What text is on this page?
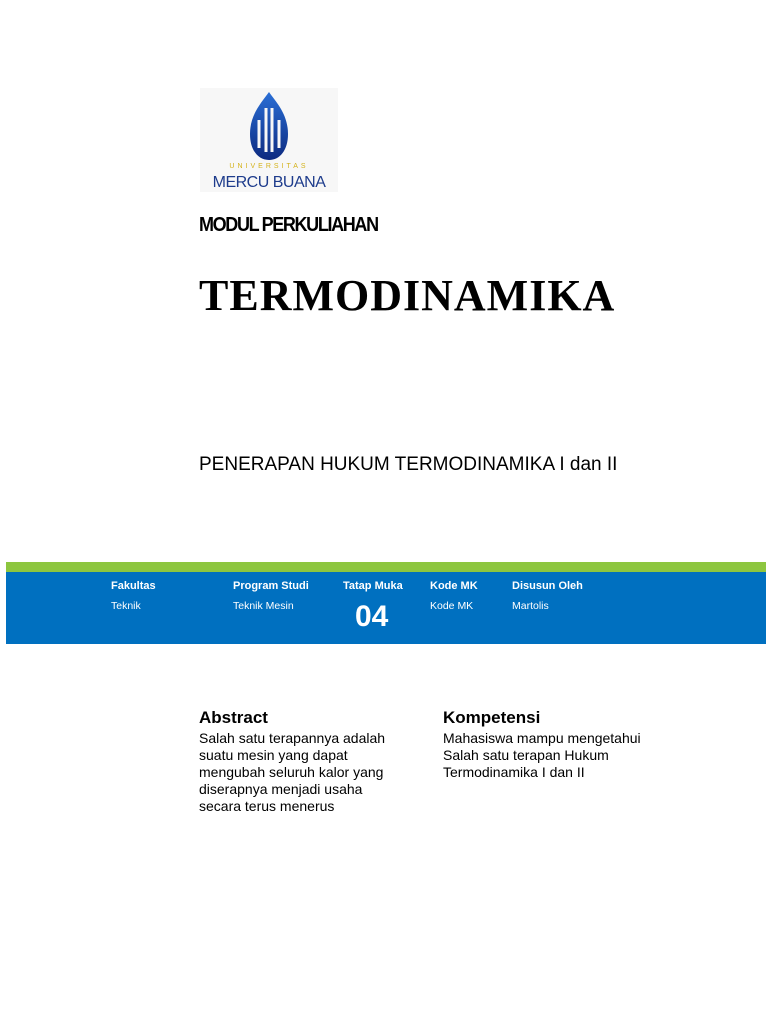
UNIVERSITAS
MERCU BUANA
MODUL PERKULIAHAN
TERMODINAMIKA
PENERAPAN HUKUM TERMODINAMIKA I dan II
Fakultas
Teknik
Program Studi
Teknik Mesin
Tatap Muka
04
Kode MK
Kode MK
Disusun Oleh
Martolis
Abstract
Salah satu terapannya adalah
suatu mesin yang dapat
mengubah seluruh kalor yang
diserapnya menjadi usaha
secara terus menerus
Kompetensi
Mahasiswa mampu mengetahui
Salah satu terapan Hukum
Termodinamika I dan II
